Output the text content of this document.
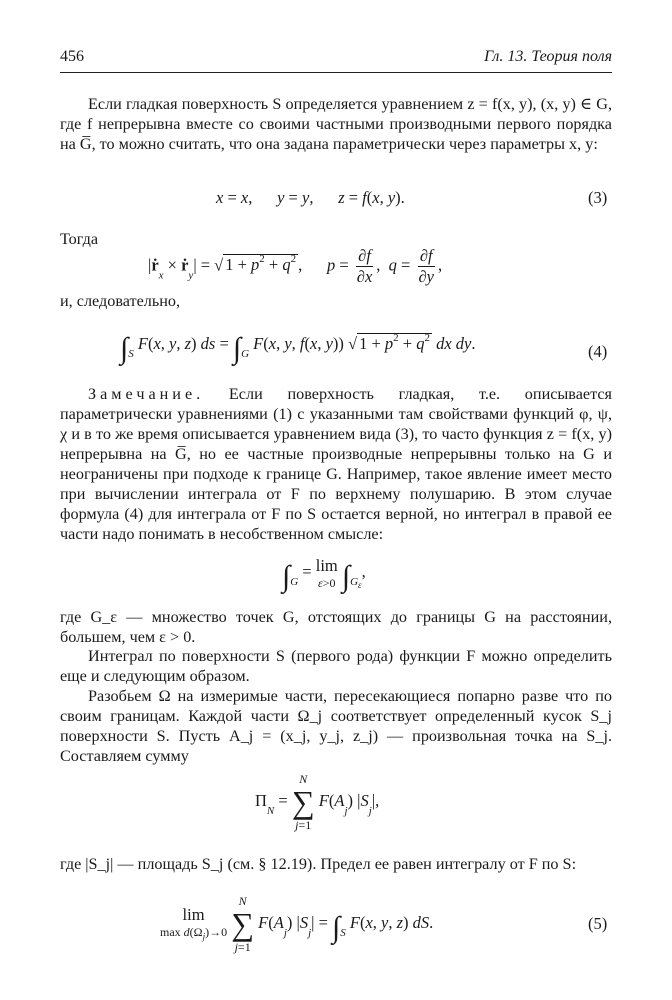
456	Гл. 13. Теория поля

Если гладкая поверхность S определяется уравнением z = f(x, y), (x, y) ∈ G, где f непрерывна вместе со своими частными производными первого порядка на G̅, то можно считать, что она задана параметрически через параметры x, y:

x = x,      y = y,      z = f(x, y).	(3)
Тогда
|ṙ$_x$ × ṙ$_y$| = √ $1 + p^2 + q^2$ ,      $p = \frac{\partial f}{\partial x}$ ,  $q = \frac{\partial f}{\partial y}$ ,
и, следовательно,
$\int_S$ F(x, y, z) ds = $\int_G$ F(x, y, f(x, y)) √ $1 + p^2 + q^2$ dx dy.	(4)

Замечание. Если поверхность гладкая, т.е. описывается параметрически уравнениями (1) с указанными там свойствами функций φ, ψ, χ и в то же время описывается уравнением вида (3), то часто функция z = f(x, y) непрерывна на G̅, но ее частные производные непрерывны только на G и неограничены при подходе к границе G. Например, такое явление имеет место при вычислении интеграла от F по верхнему полушарию. В этом случае формула (4) для интеграла от F по S остается верной, но интеграл в правой ее части надо понимать в несобственном смысле:

$\int_G = \lim$
ε>0 $\int_{G_\varepsilon}$,

где G_ε — множество точек G, отстоящих до границы G на расстоянии, большем, чем ε > 0.

Интеграл по поверхности S (первого рода) функции F можно определить еще и следующим образом.

Разобьем Ω на измеримые части, пересекающиеся попарно разве что по своим границам. Каждой части Ω_j соответствует определенный кусок S_j поверхности S. Пусть A_j = (x_j, y_j, z_j) — произвольная точка на S_j. Составляем сумму

$\Pi_N$ =
N
∑
j=1
$F(A_j)$ $|S_j|$,

где |S_j| — площадь S_j (см. § 12.19). Предел ее равен интегралу от F по S:

lim
$\max d(\Omega_j)\to 0$

N
∑
j=1
$F(A_j) |S_j| = \int_S$ F(x, y, z) dS.	(5)
